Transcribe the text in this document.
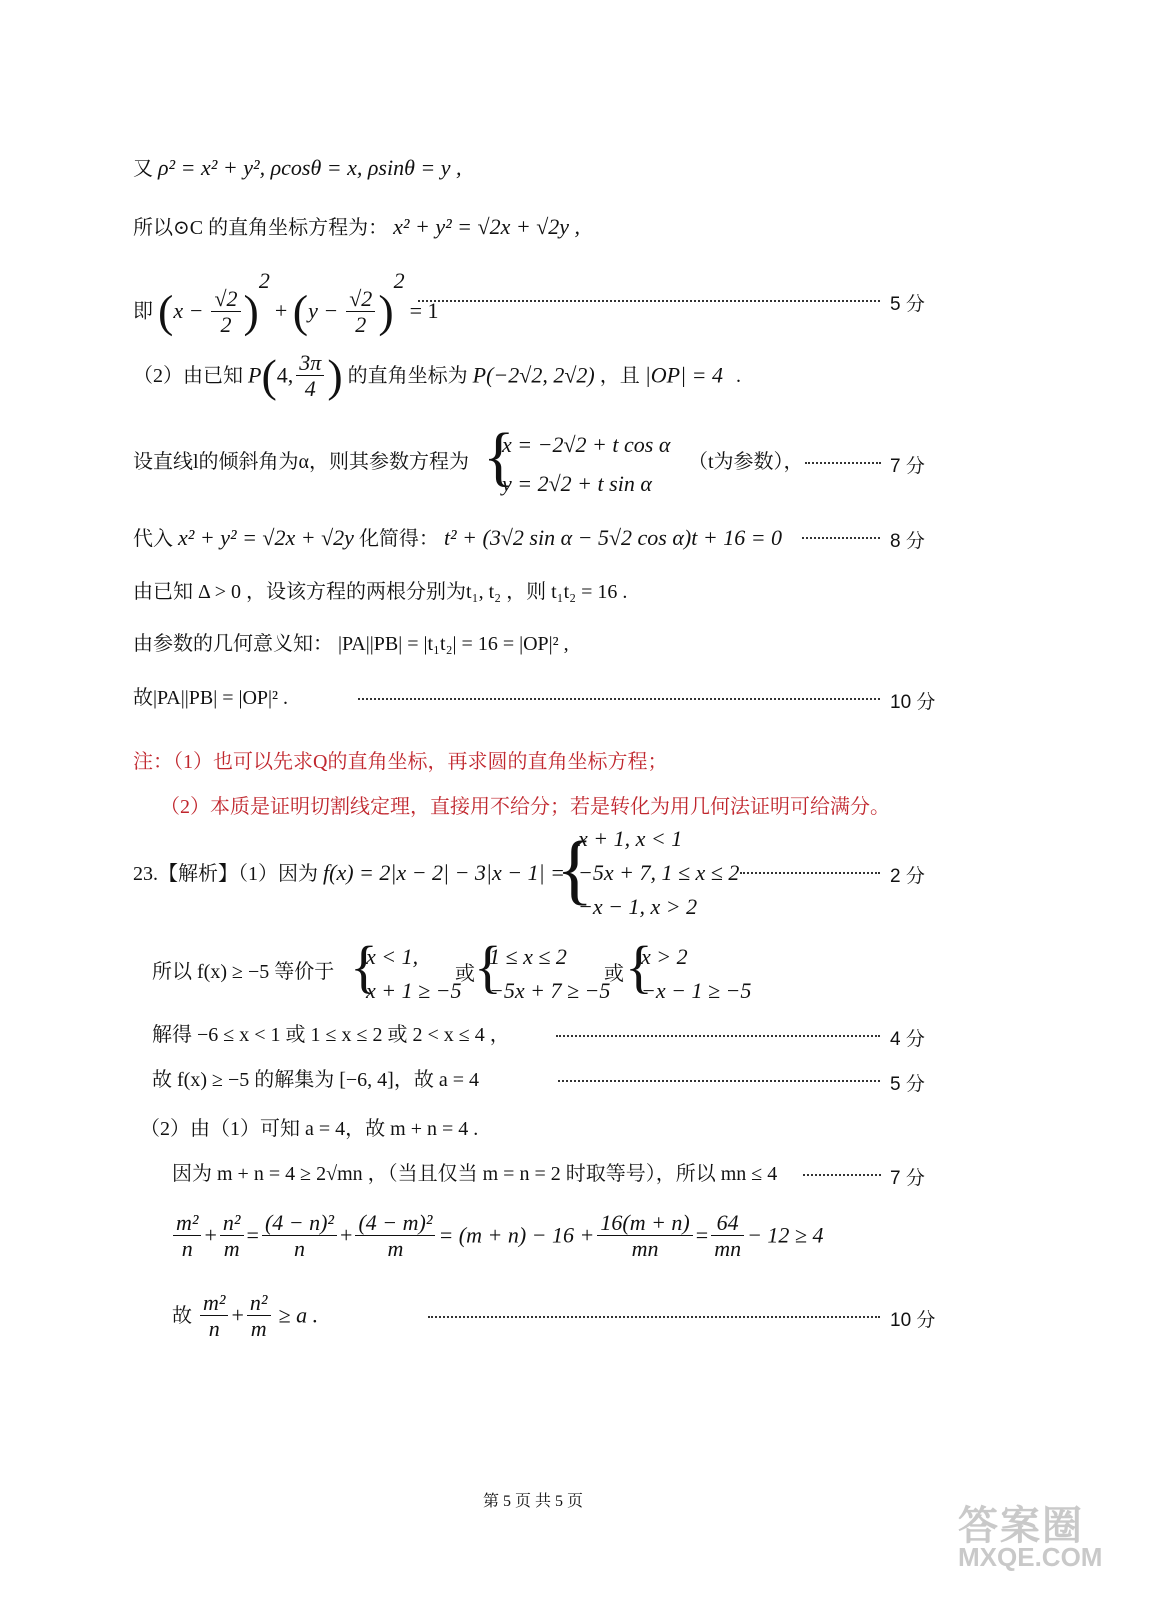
又 ρ² = x² + y², ρcosθ = x, ρsinθ = y ,
所以⊙C 的直角坐标方程为： x² + y² = √2x + √2y ,
即 $(x - \frac{√2}{2} )^2 + (y - \frac{√2}{2} )^2 = 1$	5 分
（2）由已知 P(4, $\frac{3\pi}{4}$ ) 的直角坐标为 P(−2√2, 2√2) ，且 |OP| = 4 .
设直线l的倾斜角为α，则其参数方程为 {
x = −2√2 + t cos α
y = 2√2 + t sin α
（t为参数），	7 分
代入 x² + y² = √2x + √2y 化简得： t² + (3√2 sin α − 5√2 cos α)t + 16 = 0	8 分
由已知 Δ > 0 ，设该方程的两根分别为t₁, t₂ ，则 t₁t₂ = 16 .
由参数的几何意义知： |PA||PB| = |t₁t₂| = 16 = |OP|² ,
故|PA||PB| = |OP|² .	10 分
注：（1）也可以先求Q的直角坐标，再求圆的直角坐标方程；
（2）本质是证明切割线定理，直接用不给分；若是转化为用几何法证明可给满分。
23.【解析】（1）因为 f(x) = 2|x − 2| − 3|x − 1| =
{
x + 1, x < 1
−5x + 7, 1 ≤ x ≤ 2
−x − 1, x > 2
2 分
所以 f(x) ≥ −5 等价于 {
x < 1,
x + 1 ≥ −5
或 {
1 ≤ x ≤ 2
−5x + 7 ≥ −5
或 {
x > 2
−x − 1 ≥ −5
解得 −6 ≤ x < 1 或 1 ≤ x ≤ 2 或 2 < x ≤ 4 ，	4 分
故 f(x) ≥ −5 的解集为 [−6, 4]，故 a = 4	5 分
（2）由（1）可知 a = 4，故 m + n = 4 .
因为 m + n = 4 ≥ 2√mn ，（当且仅当 m = n = 2 时取等号），所以 mn ≤ 4	7 分
$\frac{\text{m²}}{n} + \frac{\text{n²}}{m} = \frac{\text{(4 − n)²}}{n} + \frac{\text{(4 − m)²}}{m} = (m + n) - 16 + \frac{16(m + n)}{mn} = \frac{64}{mn} - 12 \ge 4$
故 $\frac{\text{m²}}{n} + \frac{\text{n²}}{m} \ge a$ .	10 分
第 5 页 共 5 页
答案圈
MXQE.COM
